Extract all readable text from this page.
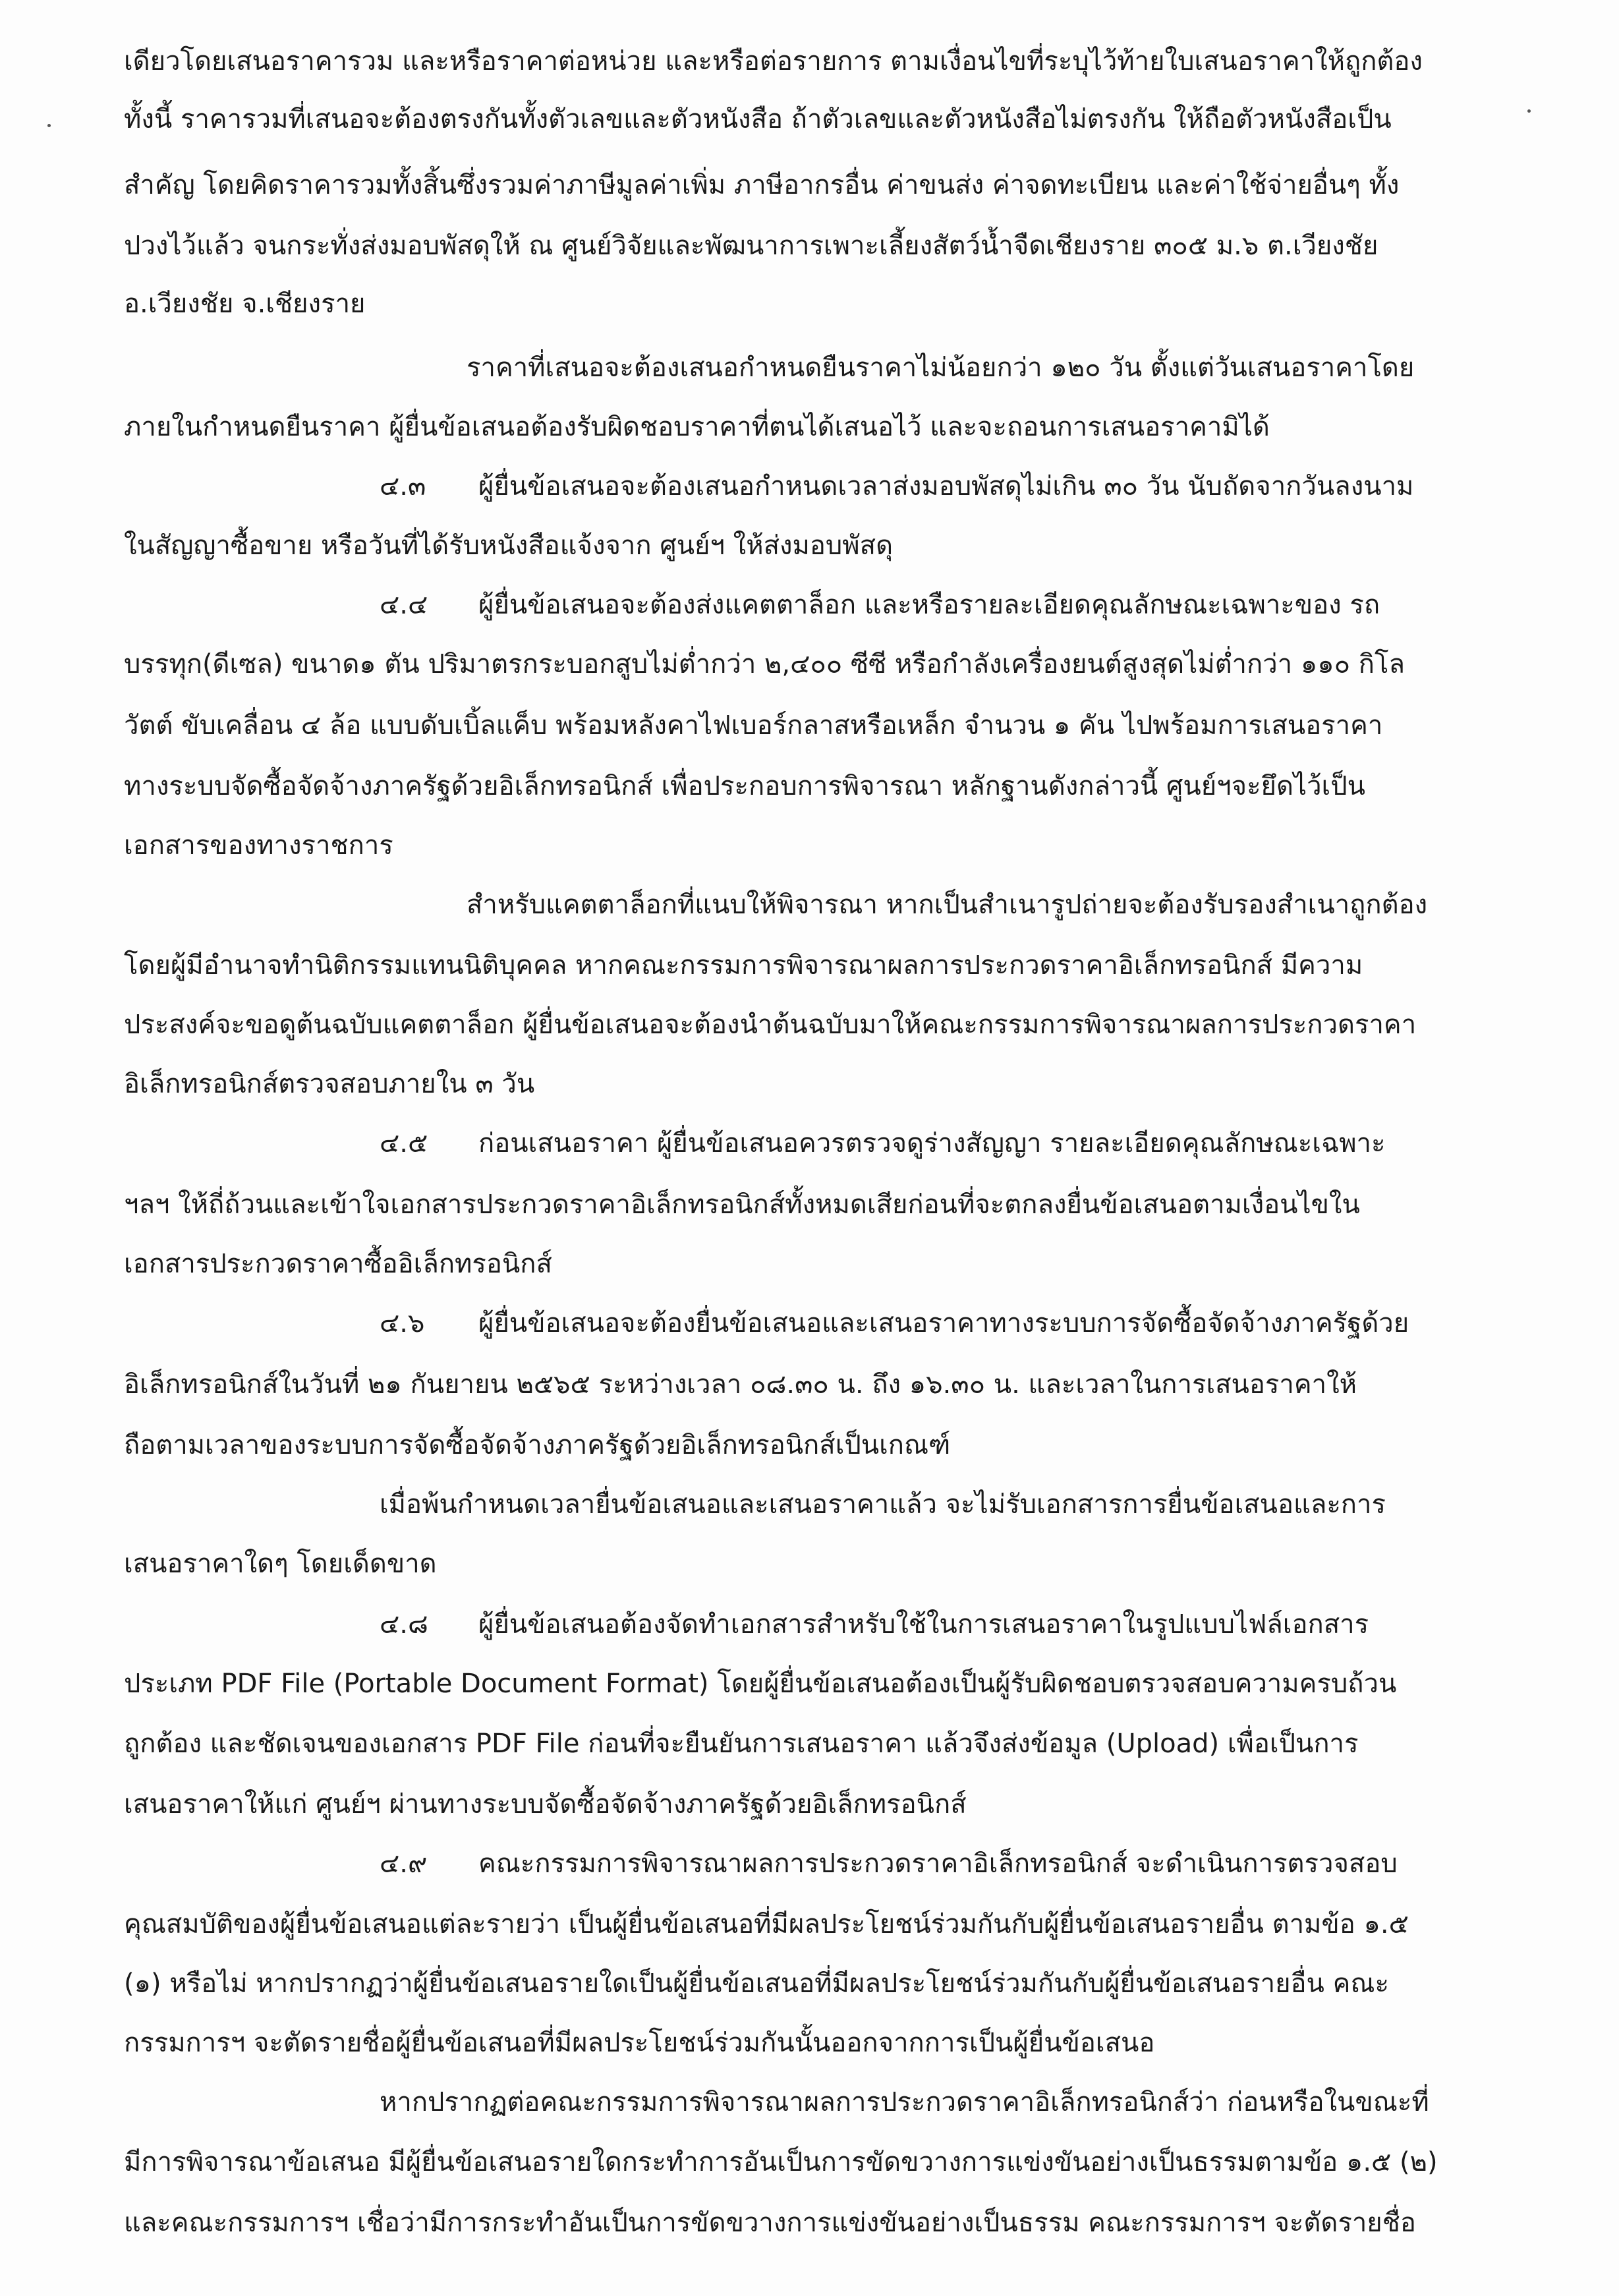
เดียวโดยเสนอราคารวม และหรือราคาต่อหน่วย และหรือต่อรายการ ตามเงื่อนไขที่ระบุไว้ท้ายใบเสนอราคาให้ถูกต้อง
ทั้งนี้ ราคารวมที่เสนอจะต้องตรงกันทั้งตัวเลขและตัวหนังสือ ถ้าตัวเลขและตัวหนังสือไม่ตรงกัน ให้ถือตัวหนังสือเป็น
สำคัญ โดยคิดราคารวมทั้งสิ้นซึ่งรวมค่าภาษีมูลค่าเพิ่ม ภาษีอากรอื่น ค่าขนส่ง ค่าจดทะเบียน และค่าใช้จ่ายอื่นๆ ทั้ง
ปวงไว้แล้ว จนกระทั่งส่งมอบพัสดุให้ ณ ศูนย์วิจัยและพัฒนาการเพาะเลี้ยงสัตว์น้ำจืดเชียงราย ๓๐๕ ม.๖ ต.เวียงชัย
อ.เวียงชัย จ.เชียงราย
ราคาที่เสนอจะต้องเสนอกำหนดยืนราคาไม่น้อยกว่า ๑๒๐ วัน ตั้งแต่วันเสนอราคาโดย
ภายในกำหนดยืนราคา ผู้ยื่นข้อเสนอต้องรับผิดชอบราคาที่ตนได้เสนอไว้ และจะถอนการเสนอราคามิได้
๔.๓ ผู้ยื่นข้อเสนอจะต้องเสนอกำหนดเวลาส่งมอบพัสดุไม่เกิน ๓๐ วัน นับถัดจากวันลงนาม
ในสัญญาซื้อขาย หรือวันที่ได้รับหนังสือแจ้งจาก ศูนย์ฯ ให้ส่งมอบพัสดุ
๔.๔ ผู้ยื่นข้อเสนอจะต้องส่งแคตตาล็อก และหรือรายละเอียดคุณลักษณะเฉพาะของ รถ
บรรทุก(ดีเซล) ขนาด๑ ตัน ปริมาตรกระบอกสูบไม่ต่ำกว่า ๒,๔๐๐ ซีซี หรือกำลังเครื่องยนต์สูงสุดไม่ต่ำกว่า ๑๑๐ กิโล
วัตต์ ขับเคลื่อน ๔ ล้อ แบบดับเบิ้ลแค็บ พร้อมหลังคาไฟเบอร์กลาสหรือเหล็ก จำนวน ๑ คัน ไปพร้อมการเสนอราคา
ทางระบบจัดซื้อจัดจ้างภาครัฐด้วยอิเล็กทรอนิกส์ เพื่อประกอบการพิจารณา หลักฐานดังกล่าวนี้ ศูนย์ฯจะยึดไว้เป็น
เอกสารของทางราชการ
สำหรับแคตตาล็อกที่แนบให้พิจารณา หากเป็นสำเนารูปถ่ายจะต้องรับรองสำเนาถูกต้อง
โดยผู้มีอำนาจทำนิติกรรมแทนนิติบุคคล หากคณะกรรมการพิจารณาผลการประกวดราคาอิเล็กทรอนิกส์ มีความ
ประสงค์จะขอดูต้นฉบับแคตตาล็อก ผู้ยื่นข้อเสนอจะต้องนำต้นฉบับมาให้คณะกรรมการพิจารณาผลการประกวดราคา
อิเล็กทรอนิกส์ตรวจสอบภายใน ๓ วัน
๔.๕ ก่อนเสนอราคา ผู้ยื่นข้อเสนอควรตรวจดูร่างสัญญา รายละเอียดคุณลักษณะเฉพาะ
ฯลฯ ให้ถี่ถ้วนและเข้าใจเอกสารประกวดราคาอิเล็กทรอนิกส์ทั้งหมดเสียก่อนที่จะตกลงยื่นข้อเสนอตามเงื่อนไขใน
เอกสารประกวดราคาซื้ออิเล็กทรอนิกส์
๔.๖ ผู้ยื่นข้อเสนอจะต้องยื่นข้อเสนอและเสนอราคาทางระบบการจัดซื้อจัดจ้างภาครัฐด้วย
อิเล็กทรอนิกส์ในวันที่ ๒๑ กันยายน ๒๕๖๕ ระหว่างเวลา ๐๘.๓๐ น. ถึง ๑๖.๓๐ น. และเวลาในการเสนอราคาให้
ถือตามเวลาของระบบการจัดซื้อจัดจ้างภาครัฐด้วยอิเล็กทรอนิกส์เป็นเกณฑ์
เมื่อพ้นกำหนดเวลายื่นข้อเสนอและเสนอราคาแล้ว จะไม่รับเอกสารการยื่นข้อเสนอและการ
เสนอราคาใดๆ โดยเด็ดขาด
๔.๘ ผู้ยื่นข้อเสนอต้องจัดทำเอกสารสำหรับใช้ในการเสนอราคาในรูปแบบไฟล์เอกสาร
ประเภท PDF File (Portable Document Format) โดยผู้ยื่นข้อเสนอต้องเป็นผู้รับผิดชอบตรวจสอบความครบถ้วน
ถูกต้อง และชัดเจนของเอกสาร PDF File ก่อนที่จะยืนยันการเสนอราคา แล้วจึงส่งข้อมูล (Upload) เพื่อเป็นการ
เสนอราคาให้แก่ ศูนย์ฯ ผ่านทางระบบจัดซื้อจัดจ้างภาครัฐด้วยอิเล็กทรอนิกส์
๔.๙ คณะกรรมการพิจารณาผลการประกวดราคาอิเล็กทรอนิกส์ จะดำเนินการตรวจสอบ
คุณสมบัติของผู้ยื่นข้อเสนอแต่ละรายว่า เป็นผู้ยื่นข้อเสนอที่มีผลประโยชน์ร่วมกันกับผู้ยื่นข้อเสนอรายอื่น ตามข้อ ๑.๕
(๑) หรือไม่ หากปรากฏว่าผู้ยื่นข้อเสนอรายใดเป็นผู้ยื่นข้อเสนอที่มีผลประโยชน์ร่วมกันกับผู้ยื่นข้อเสนอรายอื่น คณะ
กรรมการฯ จะตัดรายชื่อผู้ยื่นข้อเสนอที่มีผลประโยชน์ร่วมกันนั้นออกจากการเป็นผู้ยื่นข้อเสนอ
หากปรากฏต่อคณะกรรมการพิจารณาผลการประกวดราคาอิเล็กทรอนิกส์ว่า ก่อนหรือในขณะที่
มีการพิจารณาข้อเสนอ มีผู้ยื่นข้อเสนอรายใดกระทำการอันเป็นการขัดขวางการแข่งขันอย่างเป็นธรรมตามข้อ ๑.๕ (๒)
และคณะกรรมการฯ เชื่อว่ามีการกระทำอันเป็นการขัดขวางการแข่งขันอย่างเป็นธรรม คณะกรรมการฯ จะตัดรายชื่อ
